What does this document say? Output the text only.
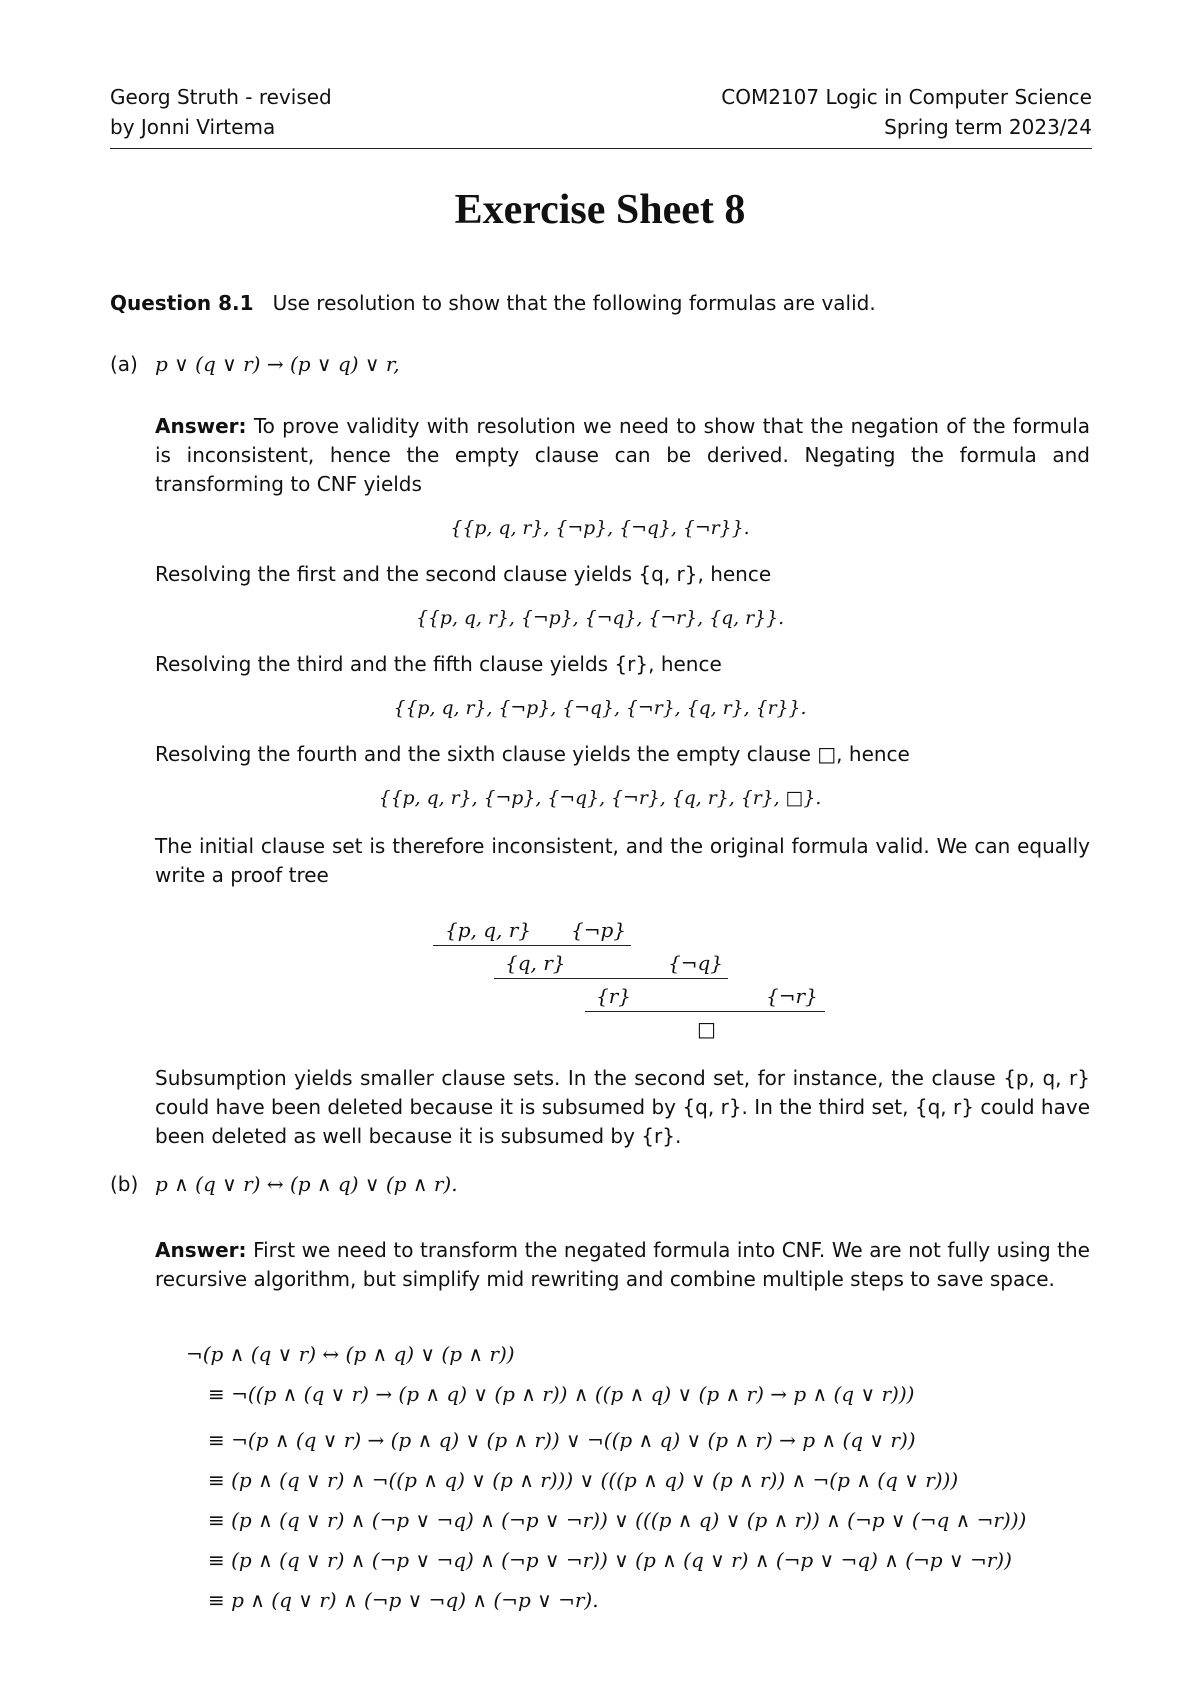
Georg Struth - revised
by Jonni Virtema
COM2107 Logic in Computer Science
Spring term 2023/24
Exercise Sheet 8
Question 8.1 Use resolution to show that the following formulas are valid.
(a) p ∨ (q ∨ r) → (p ∨ q) ∨ r,
Answer: To prove validity with resolution we need to show that the negation of the formula is inconsistent, hence the empty clause can be derived. Negating the formula and transforming to CNF yields
{{p, q, r}, {¬p}, {¬q}, {¬r}}.
Resolving the first and the second clause yields {q, r}, hence
{{p, q, r}, {¬p}, {¬q}, {¬r}, {q, r}}.
Resolving the third and the fifth clause yields {r}, hence
{{p, q, r}, {¬p}, {¬q}, {¬r}, {q, r}, {r}}.
Resolving the fourth and the sixth clause yields the empty clause □, hence
{{p, q, r}, {¬p}, {¬q}, {¬r}, {q, r}, {r}, □}.
The initial clause set is therefore inconsistent, and the original formula valid. We can equally write a proof tree
{p, q, r} {¬p}
{q, r}	{¬q}
{r}	{¬r}
□
Subsumption yields smaller clause sets. In the second set, for instance, the clause {p, q, r} could have been deleted because it is subsumed by {q, r}. In the third set, {q, r} could have been deleted as well because it is subsumed by {r}.
(b) p ∧ (q ∨ r) ↔ (p ∧ q) ∨ (p ∧ r).
Answer: First we need to transform the negated formula into CNF. We are not fully using the recursive algorithm, but simplify mid rewriting and combine multiple steps to save space.
¬(p ∧ (q ∨ r) ↔ (p ∧ q) ∨ (p ∧ r))
≡ ¬((p ∧ (q ∨ r) → (p ∧ q) ∨ (p ∧ r)) ∧ ((p ∧ q) ∨ (p ∧ r) → p ∧ (q ∨ r)))
≡ ¬(p ∧ (q ∨ r) → (p ∧ q) ∨ (p ∧ r)) ∨ ¬((p ∧ q) ∨ (p ∧ r) → p ∧ (q ∨ r))
≡ (p ∧ (q ∨ r) ∧ ¬((p ∧ q) ∨ (p ∧ r))) ∨ (((p ∧ q) ∨ (p ∧ r)) ∧ ¬(p ∧ (q ∨ r)))
≡ (p ∧ (q ∨ r) ∧ (¬p ∨ ¬q) ∧ (¬p ∨ ¬r)) ∨ (((p ∧ q) ∨ (p ∧ r)) ∧ (¬p ∨ (¬q ∧ ¬r)))
≡ (p ∧ (q ∨ r) ∧ (¬p ∨ ¬q) ∧ (¬p ∨ ¬r)) ∨ (p ∧ (q ∨ r) ∧ (¬p ∨ ¬q) ∧ (¬p ∨ ¬r))
≡ p ∧ (q ∨ r) ∧ (¬p ∨ ¬q) ∧ (¬p ∨ ¬r).
